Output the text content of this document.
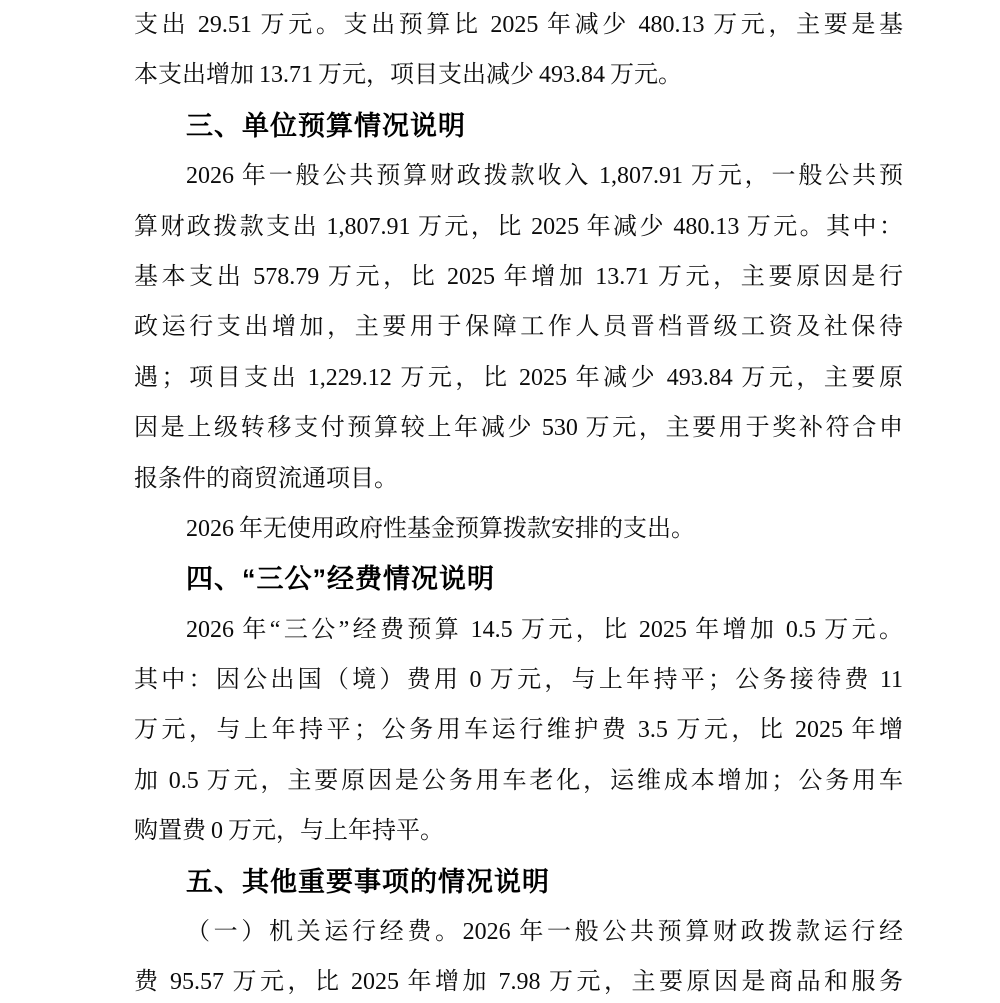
支出 29.51 万元。支出预算比 2025 年减少 480.13 万元，主要是基
本支出增加 13.71 万元，项目支出减少 493.84 万元。
三、单位预算情况说明
2026 年一般公共预算财政拨款收入 1,807.91 万元，一般公共预
算财政拨款支出 1,807.91 万元，比 2025 年减少 480.13 万元。其中：
基本支出 578.79 万元，比 2025 年增加 13.71 万元，主要原因是行
政运行支出增加，主要用于保障工作人员晋档晋级工资及社保待
遇；项目支出 1,229.12 万元，比 2025 年减少 493.84 万元，主要原
因是上级转移支付预算较上年减少 530 万元，主要用于奖补符合申
报条件的商贸流通项目。
2026 年无使用政府性基金预算拨款安排的支出。
四、“三公”经费情况说明
2026 年“三公”经费预算 14.5 万元，比 2025 年增加 0.5 万元。
其中：因公出国（境）费用 0 万元，与上年持平；公务接待费 11
万元，与上年持平；公务用车运行维护费 3.5 万元，比 2025 年增
加 0.5 万元，主要原因是公务用车老化，运维成本增加；公务用车
购置费 0 万元，与上年持平。
五、其他重要事项的情况说明
（一）机关运行经费。2026 年一般公共预算财政拨款运行经
费 95.57 万元，比 2025 年增加 7.98 万元，主要原因是商品和服务
